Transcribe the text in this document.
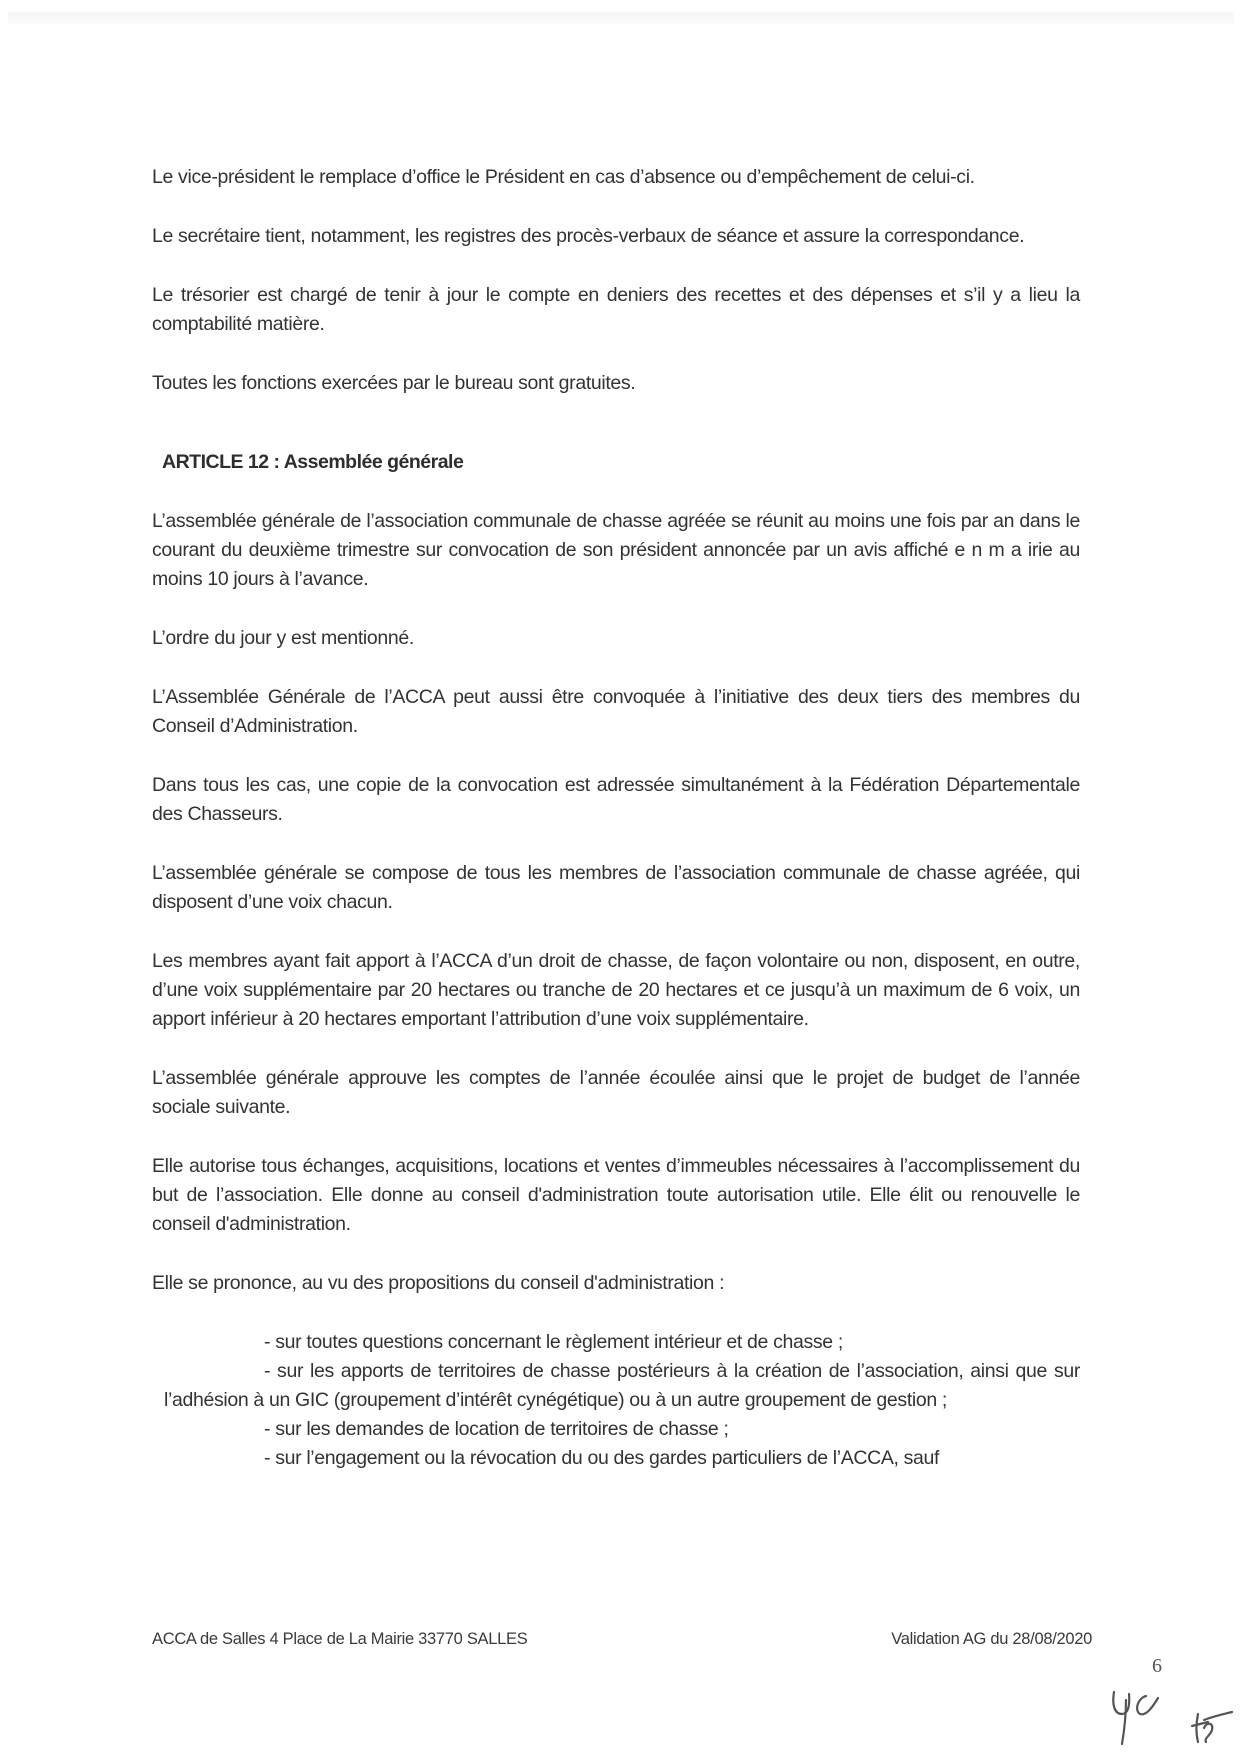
Le vice-président le remplace d’office le Président en cas d’absence ou d’empêchement de celui-ci.

Le secrétaire tient, notamment, les registres des procès-verbaux de séance et assure la correspondance.

Le trésorier est chargé de tenir à jour le compte en deniers des recettes et des dépenses et s’il y a lieu la comptabilité matière.

Toutes les fonctions exercées par le bureau sont gratuites.

ARTICLE 12 : Assemblée générale

L’assemblée générale de l’association communale de chasse agréée se réunit au moins une fois par an dans le courant du deuxième trimestre sur convocation de son président annoncée par un avis affiché e n m a irie au moins 10 jours à l’avance.

L’ordre du jour y est mentionné.

L’Assemblée Générale de l’ACCA peut aussi être convoquée à l’initiative des deux tiers des membres du Conseil d’Administration.

Dans tous les cas, une copie de la convocation est adressée simultanément à la Fédération Départementale des Chasseurs.

L’assemblée générale se compose de tous les membres de l’association communale de chasse agréée, qui disposent d’une voix chacun.

Les membres ayant fait apport à l’ACCA d’un droit de chasse, de façon volontaire ou non, disposent, en outre, d’une voix supplémentaire par 20 hectares ou tranche de 20 hectares et ce jusqu’à un maximum de 6 voix, un apport inférieur à 20 hectares emportant l’attribution d’une voix supplémentaire.

L’assemblée générale approuve les comptes de l’année écoulée ainsi que le projet de budget de l’année sociale suivante.

Elle autorise tous échanges, acquisitions, locations et ventes d’immeubles nécessaires à l’accomplissement du but de l’association. Elle donne au conseil d'administration toute autorisation utile. Elle élit ou renouvelle le conseil d'administration.

Elle se prononce, au vu des propositions du conseil d'administration :

- sur toutes questions concernant le règlement intérieur et de chasse ;
- sur les apports de territoires de chasse postérieurs à la création de l’association, ainsi que sur l’adhésion à un GIC (groupement d’intérêt cynégétique) ou à un autre groupement de gestion ;
- sur les demandes de location de territoires de chasse ;
- sur l’engagement ou la révocation du ou des gardes particuliers de l’ACCA, sauf
ACCA de Salles 4 Place de La Mairie 33770 SALLES	Validation AG du 28/08/2020
6
